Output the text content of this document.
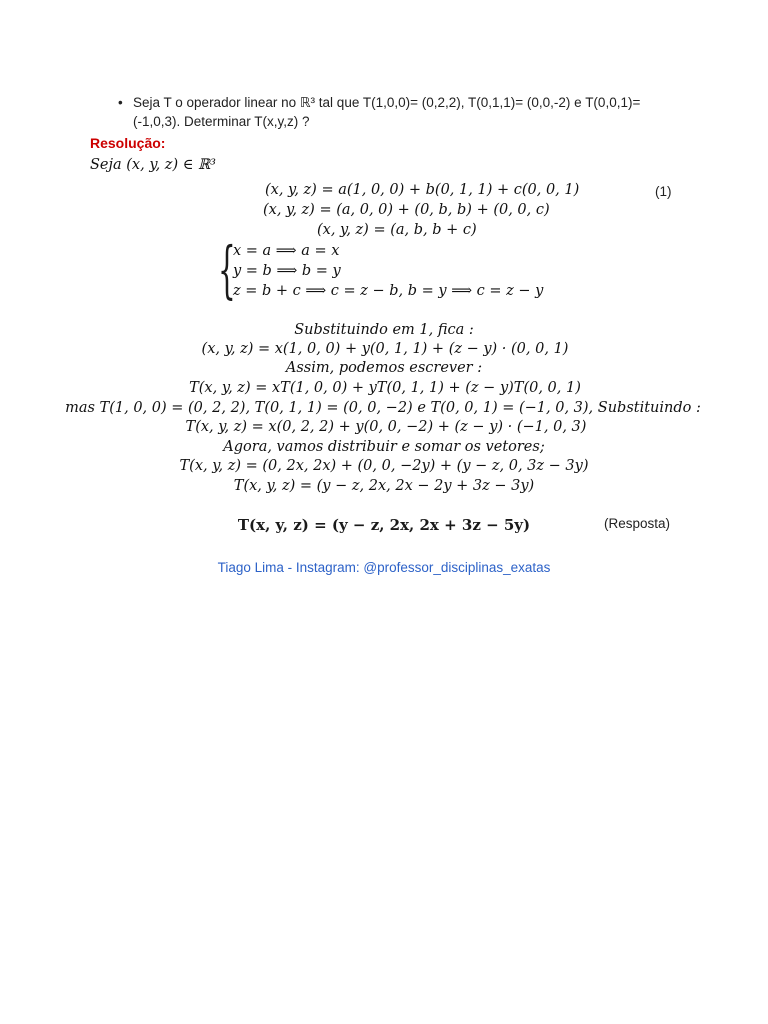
• Seja T o operador linear no ℝ³ tal que T(1,0,0)= (0,2,2), T(0,1,1)= (0,0,-2) e T(0,0,1)=
(-1,0,3). Determinar T(x,y,z) ?
Resolução:
Seja (x, y, z) ∈ ℝ³
(x, y, z) = a(1, 0, 0) + b(0, 1, 1) + c(0, 0, 1)	(1)
(x, y, z) = (a, 0, 0) + (0, b, b) + (0, 0, c)
(x, y, z) = (a, b, b + c)
{
x = a ⟹ a = x
y = b ⟹ b = y
z = b + c ⟹ c = z − b, b = y ⟹ c = z − y
Substituindo em 1, fica :
(x, y, z) = x(1, 0, 0) + y(0, 1, 1) + (z − y) · (0, 0, 1)
Assim, podemos escrever :
T(x, y, z) = xT(1, 0, 0) + yT(0, 1, 1) + (z − y)T(0, 0, 1)
mas T(1, 0, 0) = (0, 2, 2), T(0, 1, 1) = (0, 0, −2) e T(0, 0, 1) = (−1, 0, 3), Substituindo :
T(x, y, z) = x(0, 2, 2) + y(0, 0, −2) + (z − y) · (−1, 0, 3)
Agora, vamos distribuir e somar os vetores;
T(x, y, z) = (0, 2x, 2x) + (0, 0, −2y) + (y − z, 0, 3z − 3y)
T(x, y, z) = (y − z, 2x, 2x − 2y + 3z − 3y)
T(x, y, z) = (y − z, 2x, 2x + 3z − 5y)	(Resposta)
Tiago Lima - Instagram: @professor_disciplinas_exatas
